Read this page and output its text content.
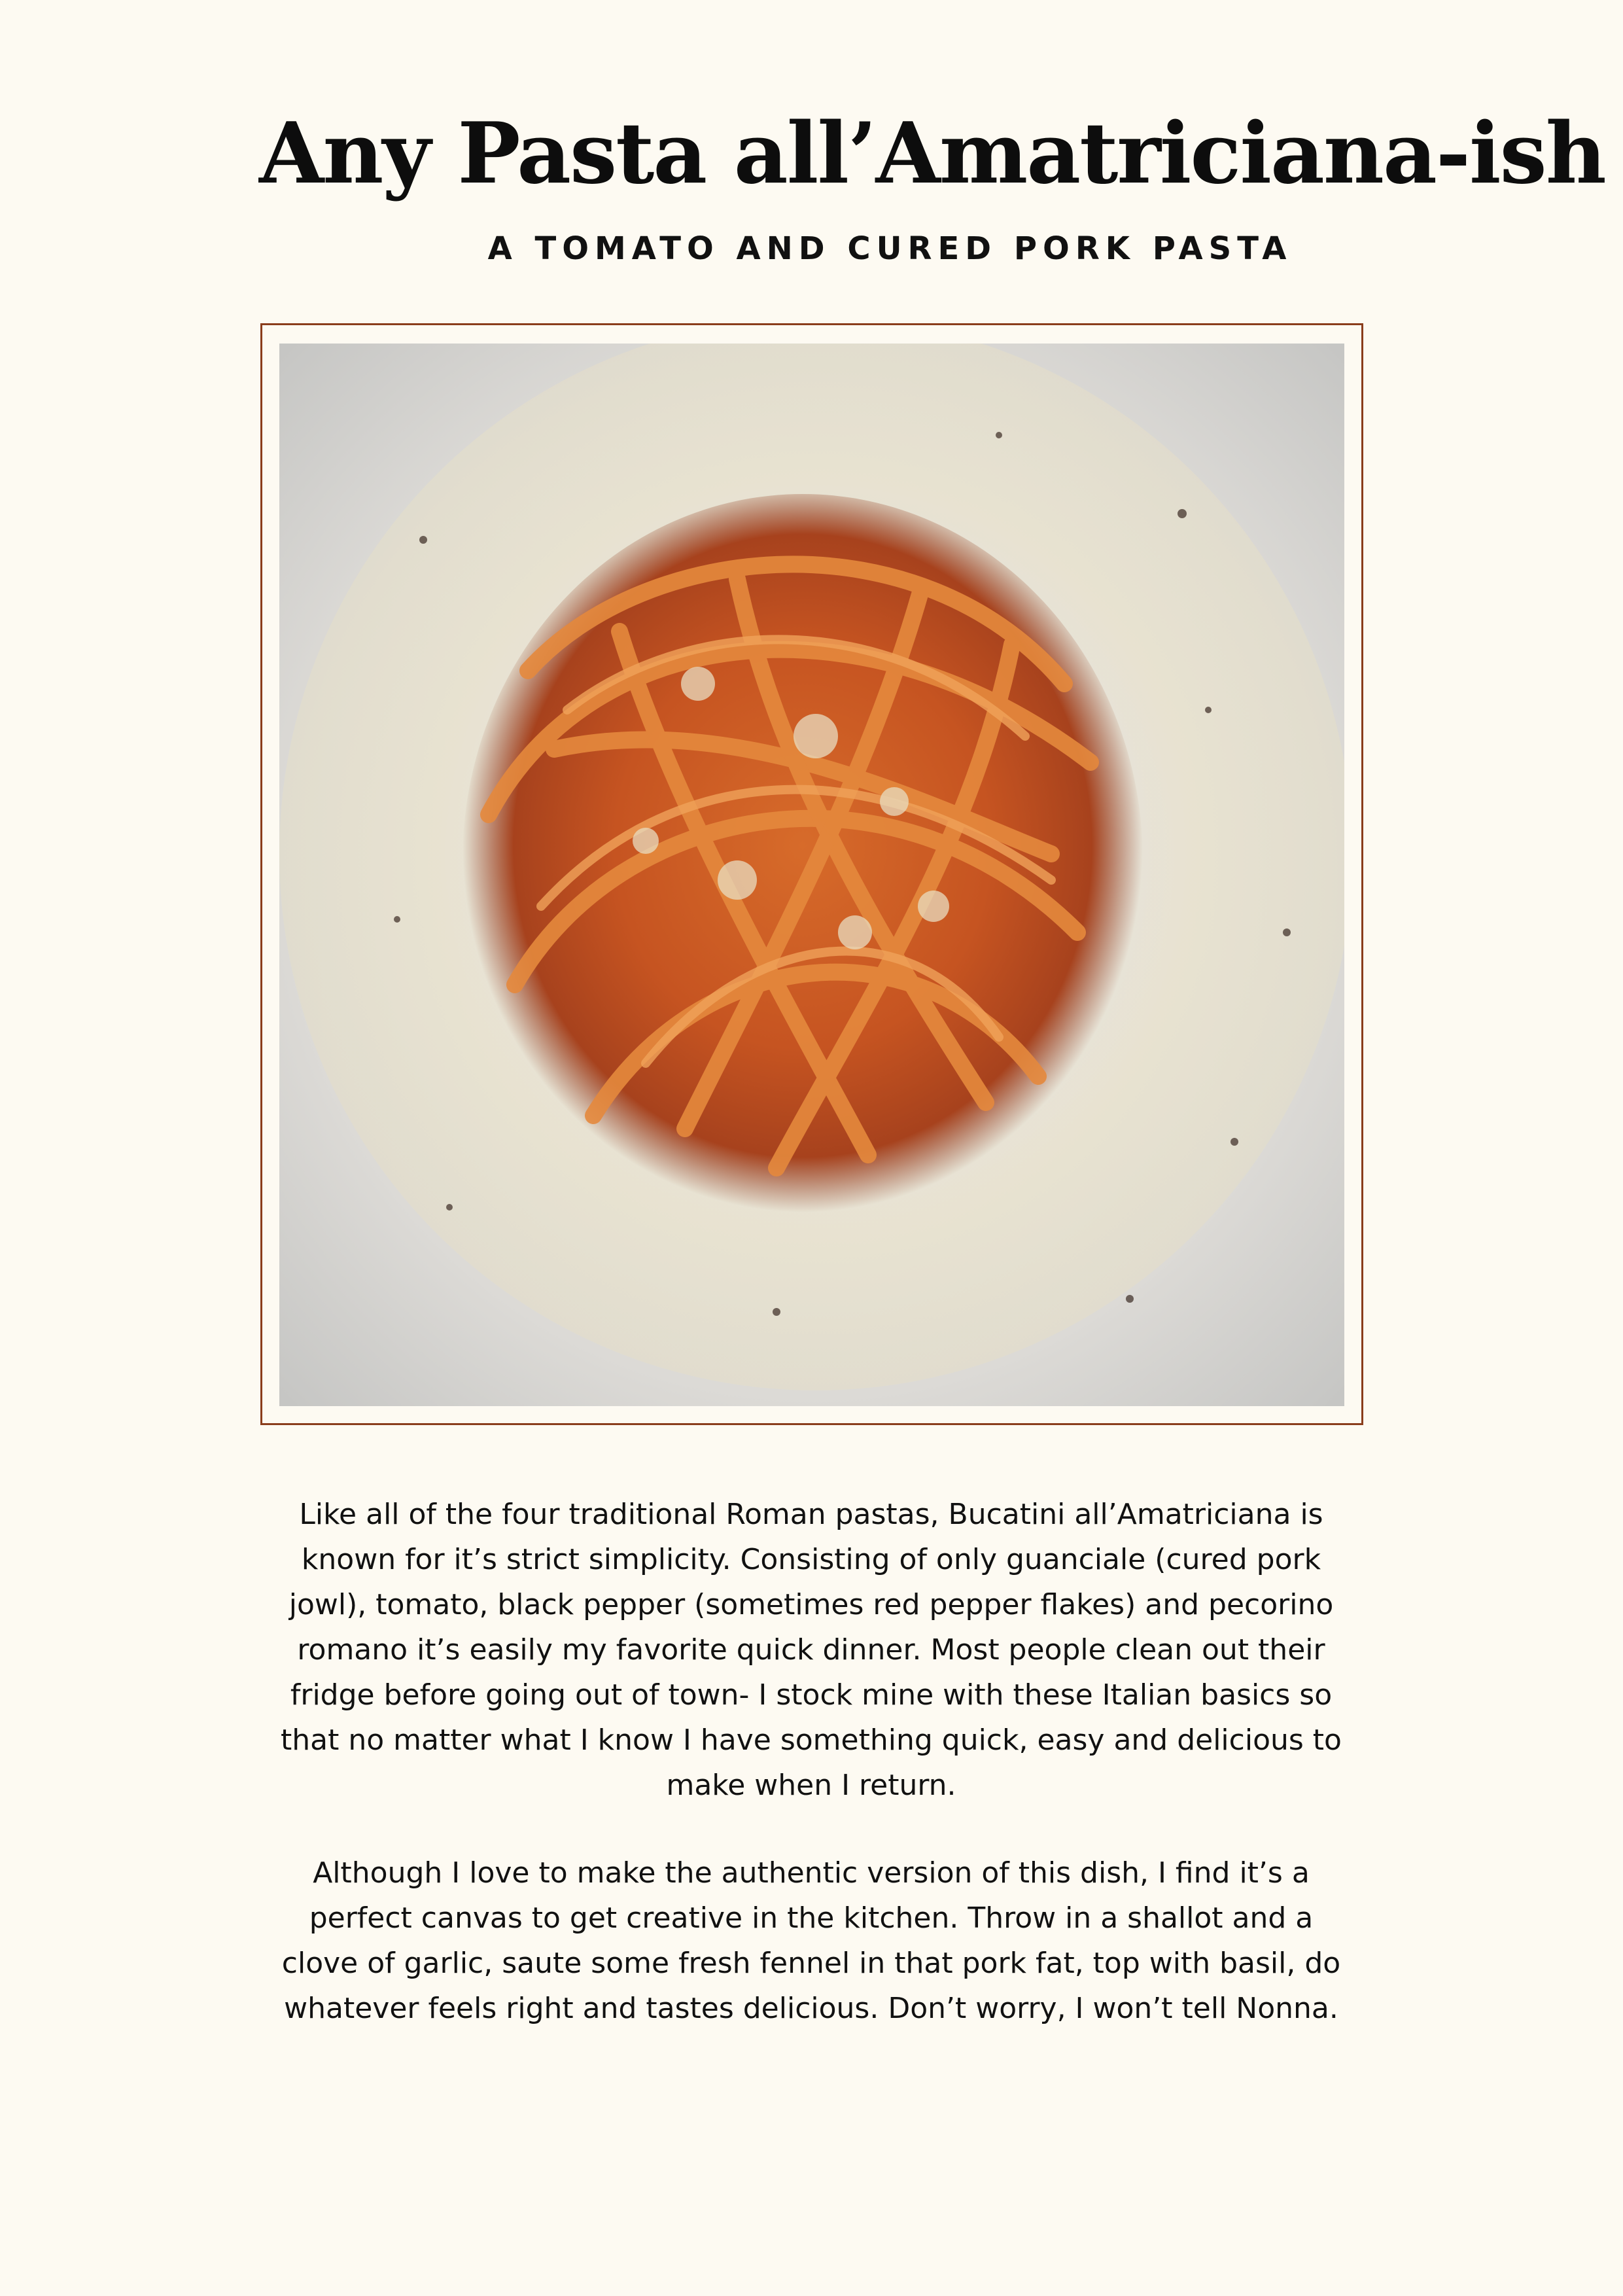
Any Pasta all’Amatriciana-ish
A TOMATO AND CURED PORK PASTA

Like all of the four traditional Roman pastas, Bucatini all’Amatriciana is known for it’s strict simplicity. Consisting of only guanciale (cured pork jowl), tomato, black pepper (sometimes red pepper flakes) and pecorino romano it’s easily my favorite quick dinner. Most people clean out their fridge before going out of town- I stock mine with these Italian basics so that no matter what I know I have something quick, easy and delicious to make when I return.

Although I love to make the authentic version of this dish, I find it’s a perfect canvas to get creative in the kitchen. Throw in a shallot and a clove of garlic, saute some fresh fennel in that pork fat, top with basil, do whatever feels right and tastes delicious. Don’t worry, I won’t tell Nonna.
